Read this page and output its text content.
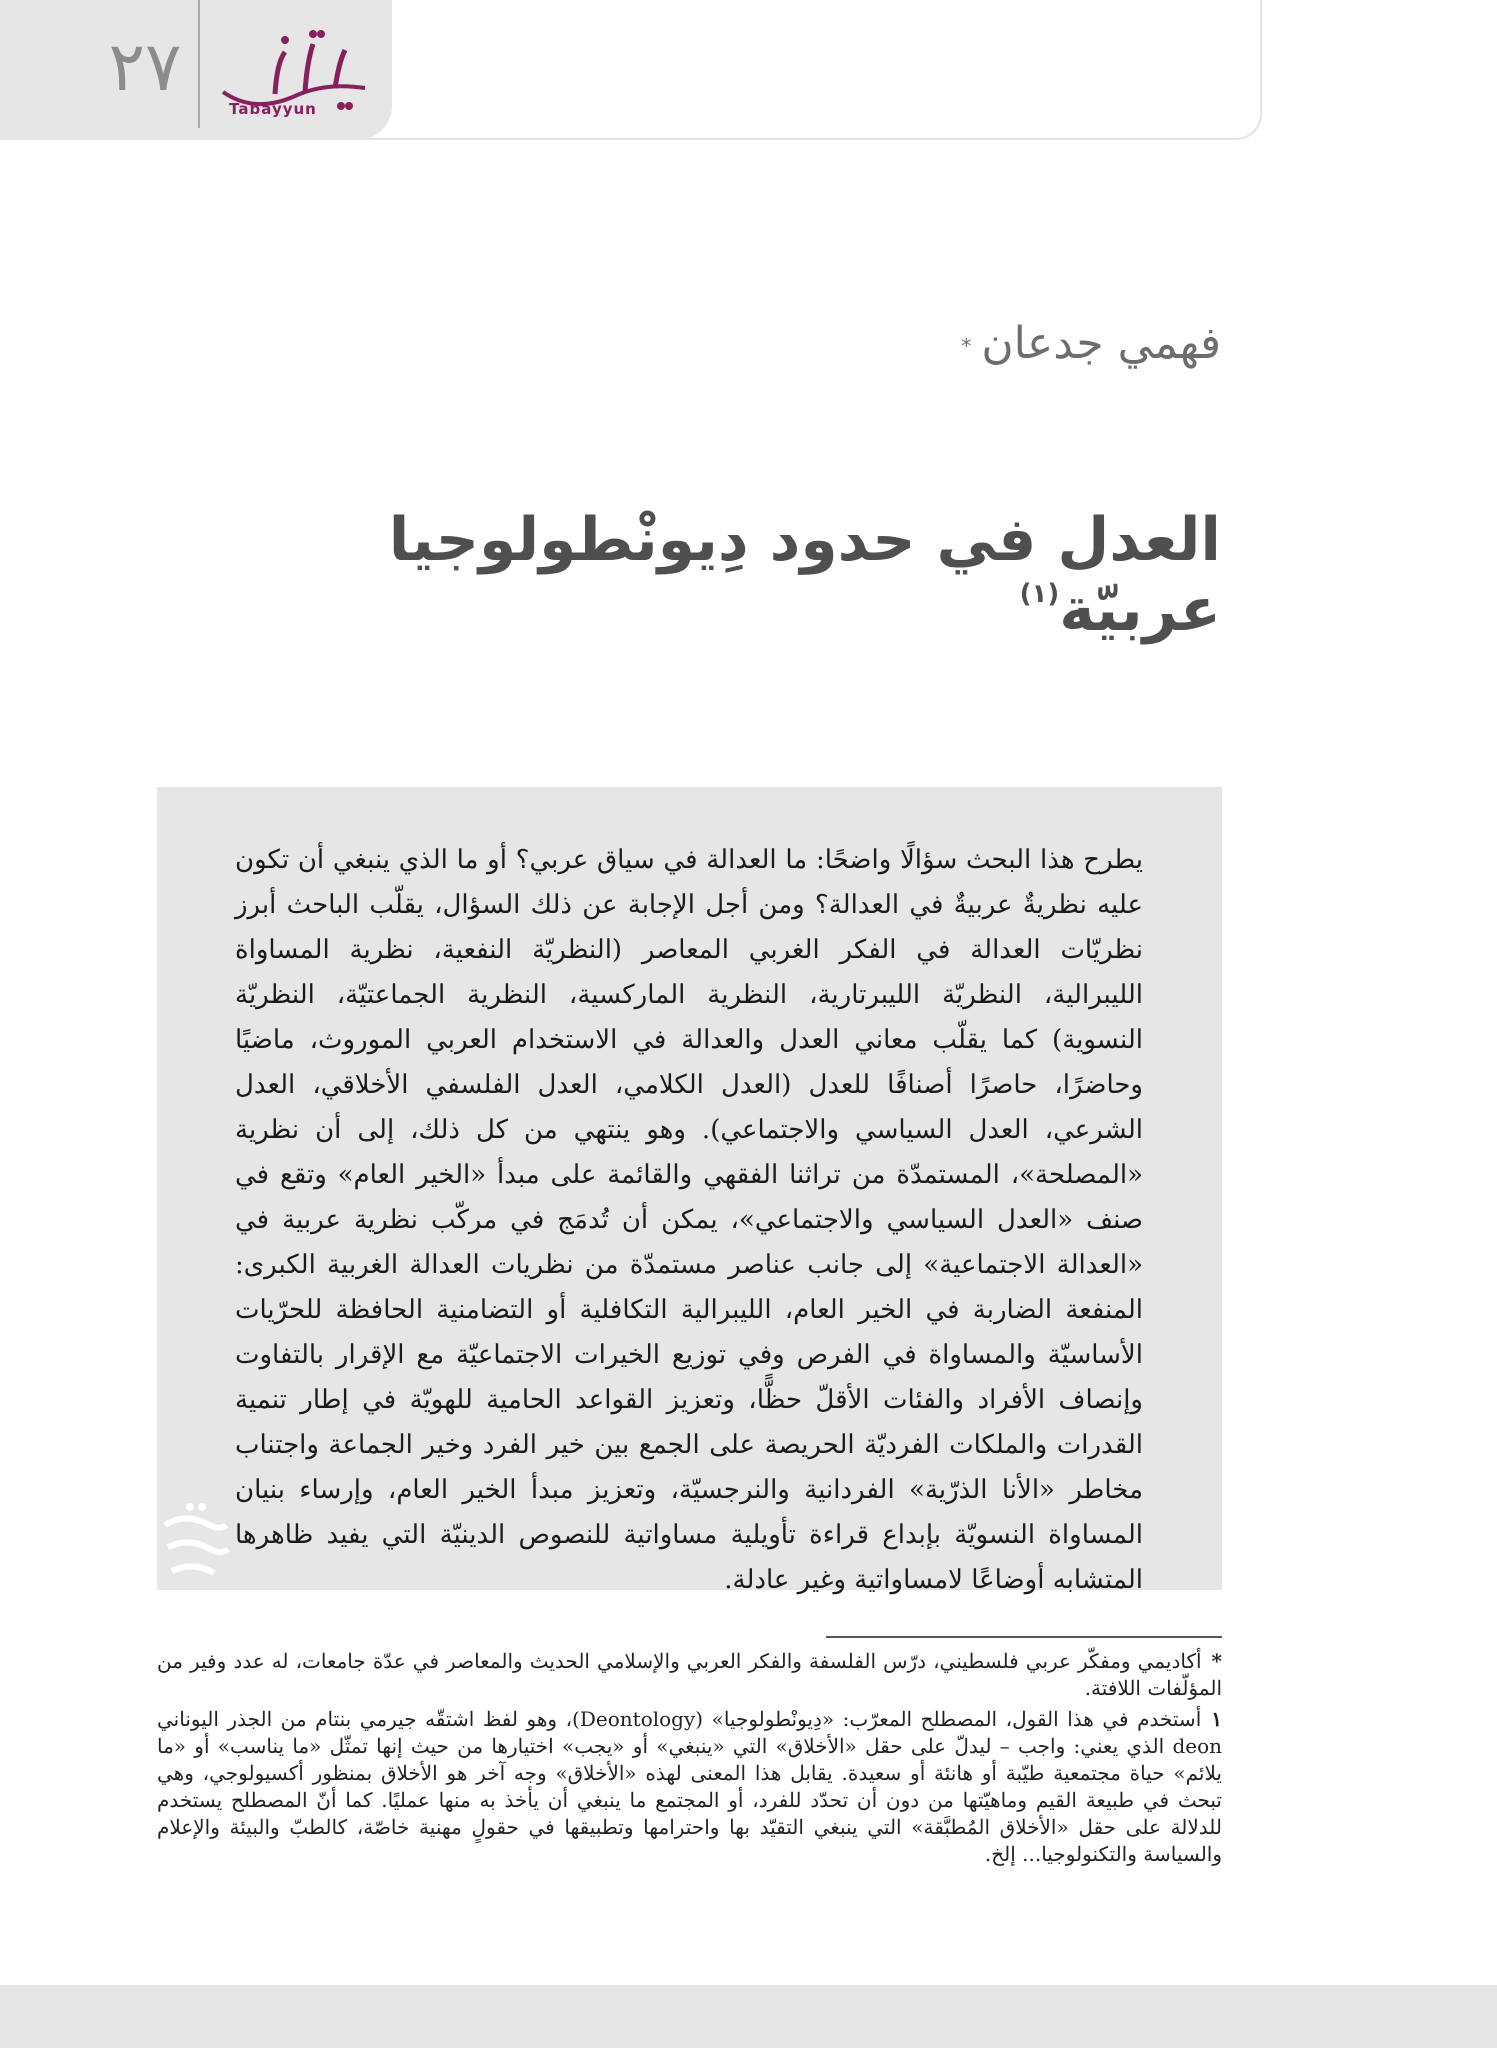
٢٧
Tabayyun
فهمي جدعان*
العدل في حدود دِيونْطولوجيا عربيّة$^{(١)}$
يطرح هذا البحث سؤالًا واضحًا: ما العدالة في سياق عربي؟ أو ما الذي ينبغي أن تكون عليه نظريةٌ عربيةٌ في العدالة؟ ومن أجل الإجابة عن ذلك السؤال، يقلّب الباحث أبرز نظريّات العدالة في الفكر الغربي المعاصر (النظريّة النفعية، نظرية المساواة الليبرالية، النظريّة الليبرتارية، النظرية الماركسية، النظرية الجماعتيّة، النظريّة النسوية) كما يقلّب معاني العدل والعدالة في الاستخدام العربي الموروث، ماضيًا وحاضرًا، حاصرًا أصنافًا للعدل (العدل الكلامي، العدل الفلسفي الأخلاقي، العدل الشرعي، العدل السياسي والاجتماعي). وهو ينتهي من كل ذلك، إلى أن نظرية «المصلحة»، المستمدّة من تراثنا الفقهي والقائمة على مبدأ «الخير العام» وتقع في صنف «العدل السياسي والاجتماعي»، يمكن أن تُدمَج في مركّب نظرية عربية في «العدالة الاجتماعية» إلى جانب عناصر مستمدّة من نظريات العدالة الغربية الكبرى: المنفعة الضاربة في الخير العام، الليبرالية التكافلية أو التضامنية الحافظة للحرّيات الأساسيّة والمساواة في الفرص وفي توزيع الخيرات الاجتماعيّة مع الإقرار بالتفاوت وإنصاف الأفراد والفئات الأقلّ حظًّا، وتعزيز القواعد الحامية للهويّة في إطار تنمية القدرات والملكات الفرديّة الحريصة على الجمع بين خير الفرد وخير الجماعة واجتناب مخاطر «الأنا الذرّية» الفردانية والنرجسيّة، وتعزيز مبدأ الخير العام، وإرساء بنيان المساواة النسويّة بإبداع قراءة تأويلية مساواتية للنصوص الدينيّة التي يفيد ظاهرها المتشابه أوضاعًا لامساواتية وغير عادلة.

*أكاديمي ومفكّر عربي فلسطيني، درّس الفلسفة والفكر العربي والإسلامي الحديث والمعاصر في عدّة جامعات، له عدد وفير من المؤلّفات اللافتة.

١أستخدم في هذا القول، المصطلح المعرّب: «دِيونْطولوجيا» (Deontology)، وهو لفظ اشتقّه جيرمي بنتام من الجذر اليوناني deon الذي يعني: واجب – ليدلّ على حقل «الأخلاق» التي «ينبغي» أو «يجب» اختيارها من حيث إنها تمثّل «ما يناسب» أو «ما يلائم» حياة مجتمعية طيّبة أو هانئة أو سعيدة. يقابل هذا المعنى لهذه «الأخلاق» وجه آخر هو الأخلاق بمنظور أكسيولوجي، وهي تبحث في طبيعة القيم وماهيّتها من دون أن تحدّد للفرد، أو المجتمع ما ينبغي أن يأخذ به منها عمليًا. كما أنّ المصطلح يستخدم للدلالة على حقل «الأخلاق المُطبَّقة» التي ينبغي التقيّد بها واحترامها وتطبيقها في حقولٍ مهنية خاصّة، كالطبّ والبيئة والإعلام والسياسة والتكنولوجيا... إلخ.
